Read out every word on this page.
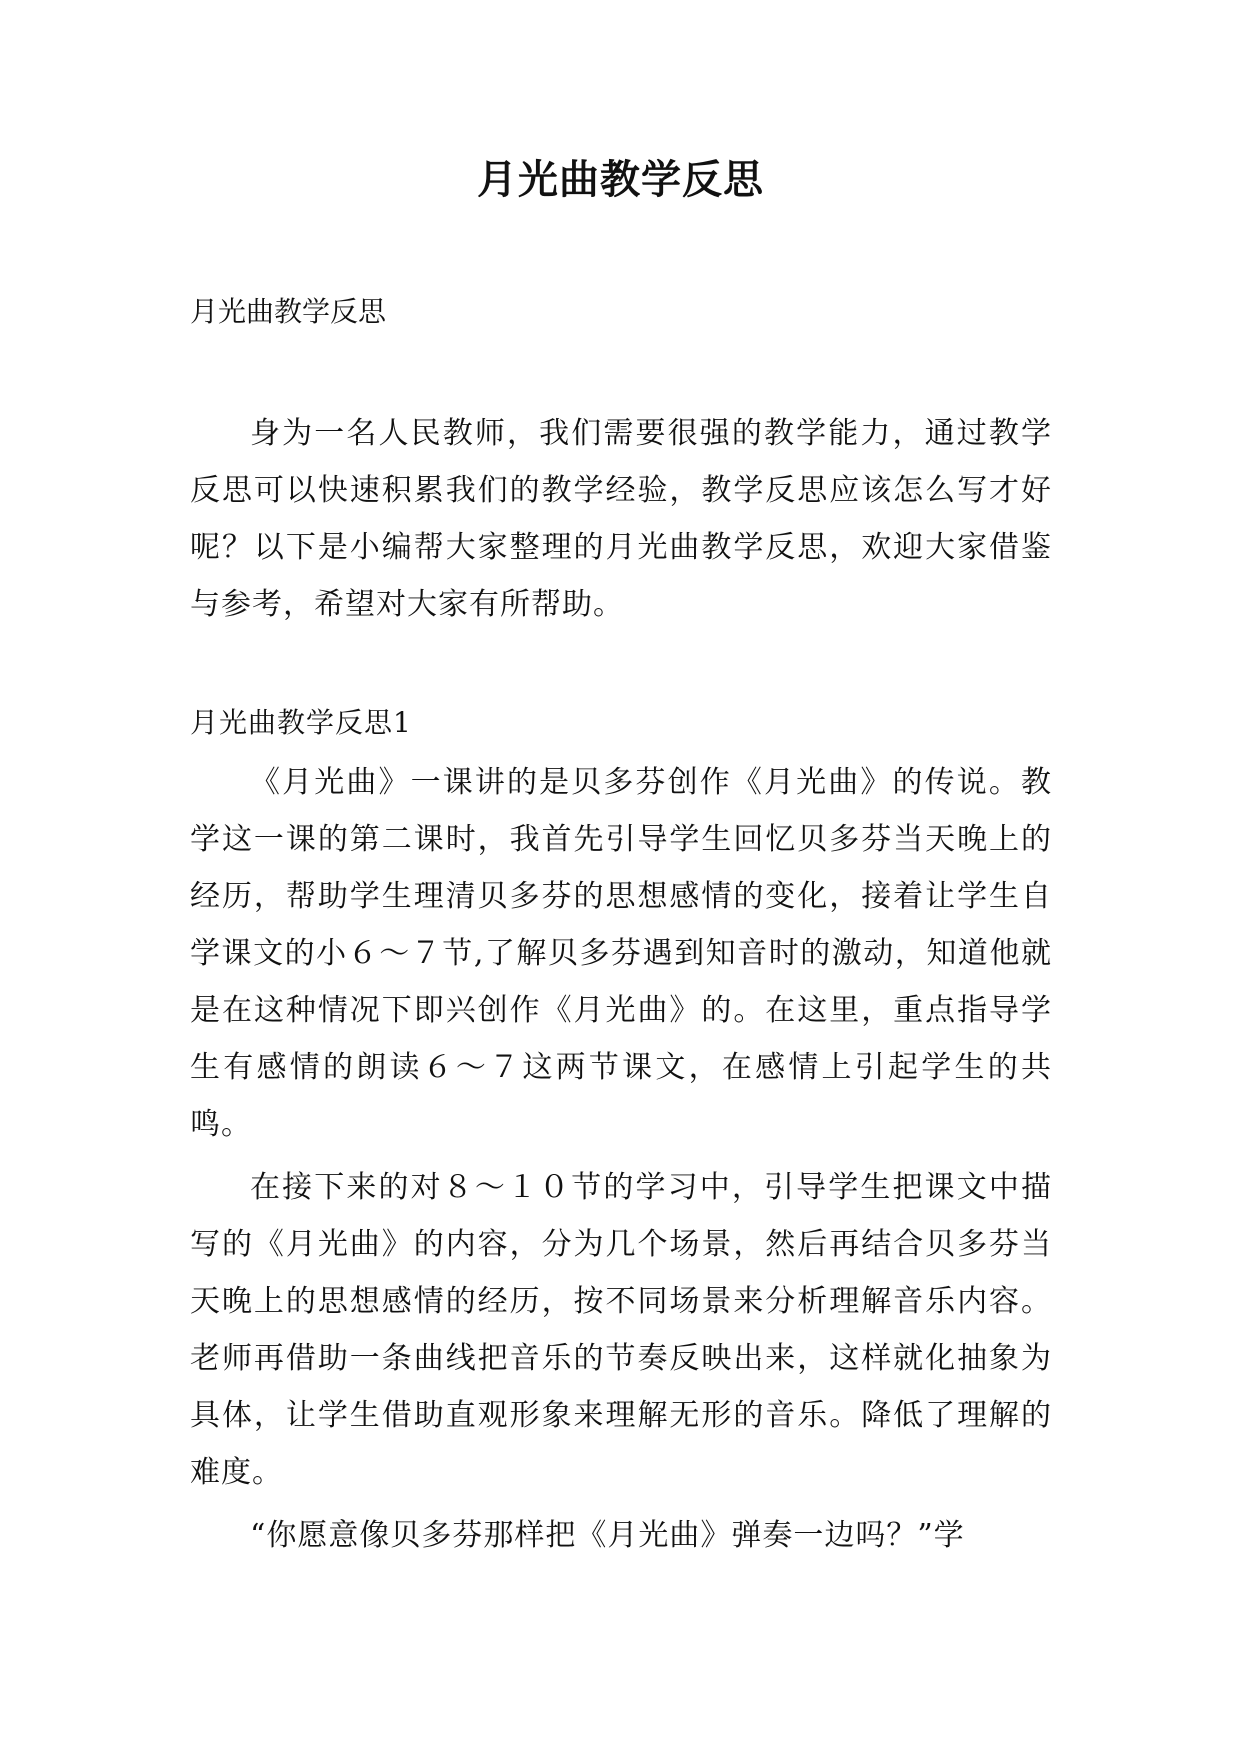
月光曲教学反思

月光曲教学反思

身为一名人民教师，我们需要很强的教学能力，通过教学反思可以快速积累我们的教学经验，教学反思应该怎么写才好呢？以下是小编帮大家整理的月光曲教学反思，欢迎大家借鉴与参考，希望对大家有所帮助。

月光曲教学反思1

《月光曲》一课讲的是贝多芬创作《月光曲》的传说。教学这一课的第二课时，我首先引导学生回忆贝多芬当天晚上的经历，帮助学生理清贝多芬的思想感情的变化，接着让学生自学课文的小６～７节,了解贝多芬遇到知音时的激动，知道他就是在这种情况下即兴创作《月光曲》的。在这里，重点指导学生有感情的朗读６～７这两节课文，在感情上引起学生的共鸣。

在接下来的对８～１０节的学习中，引导学生把课文中描写的《月光曲》的内容，分为几个场景，然后再结合贝多芬当天晚上的思想感情的经历，按不同场景来分析理解音乐内容。老师再借助一条曲线把音乐的节奏反映出来，这样就化抽象为具体，让学生借助直观形象来理解无形的音乐。降低了理解的难度。

“你愿意像贝多芬那样把《月光曲》弹奏一边吗？”学
